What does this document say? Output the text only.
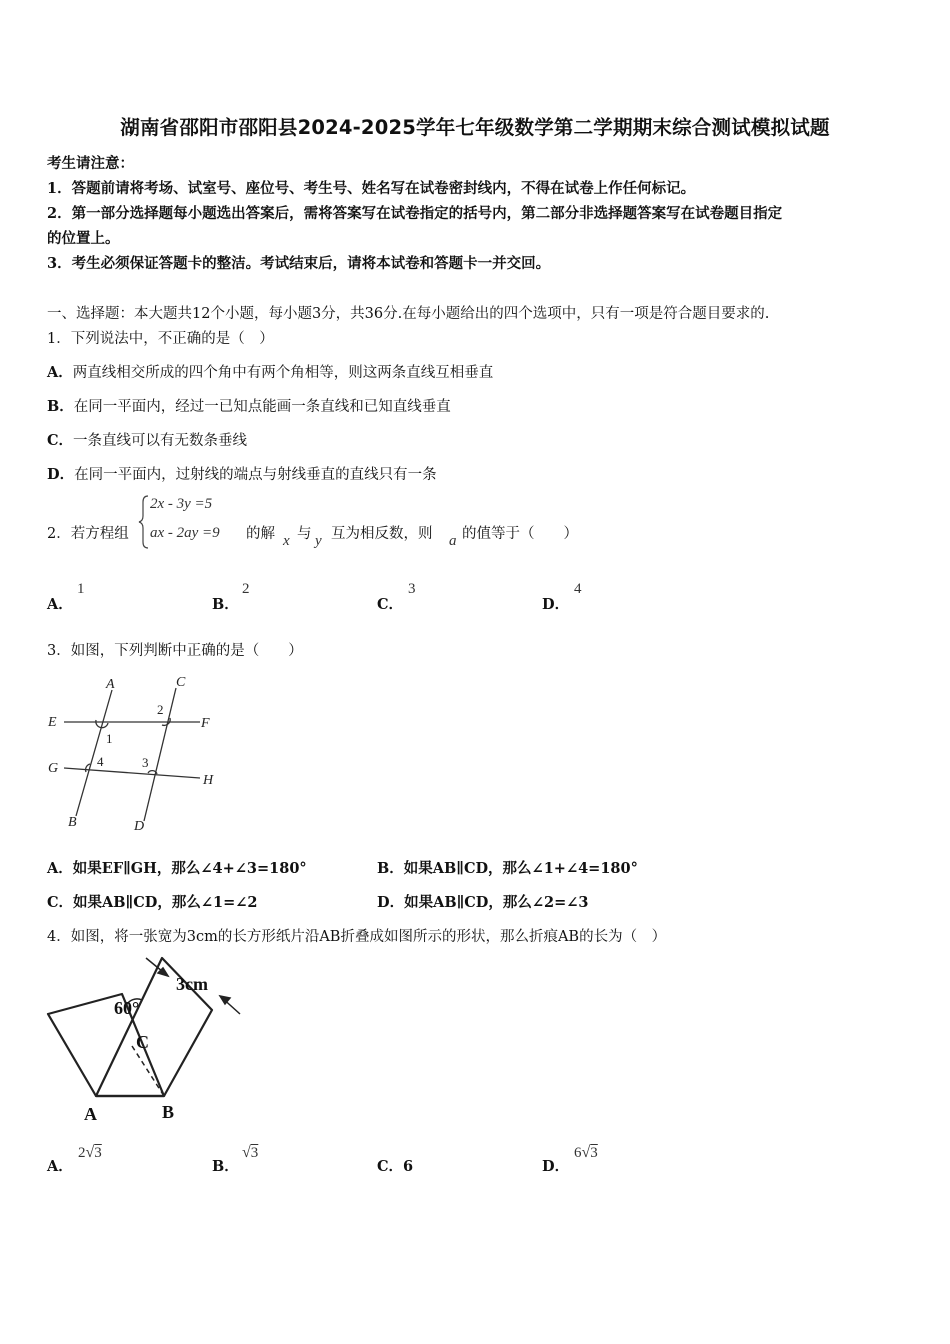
湖南省邵阳市邵阳县2024-2025学年七年级数学第二学期期末综合测试模拟试题
考生请注意：
1．答题前请将考场、试室号、座位号、考生号、姓名写在试卷密封线内，不得在试卷上作任何标记。
2．第一部分选择题每小题选出答案后，需将答案写在试卷指定的括号内，第二部分非选择题答案写在试卷题目指定
的位置上。
3．考生必须保证答题卡的整洁。考试结束后，请将本试卷和答题卡一并交回。
一、选择题：本大题共12个小题，每小题3分，共36分.在每小题给出的四个选项中，只有一项是符合题目要求的.
1．下列说法中，不正确的是（　）
A．两直线相交所成的四个角中有两个角相等，则这两条直线互相垂直
B．在同一平面内，经过一已知点能画一条直线和已知直线垂直
C．一条直线可以有无数条垂线
D．在同一平面内，过射线的端点与射线垂直的直线只有一条
2．若方程组
2x - 3y =5
ax - 2ay =9 的解 x 与 y 互为相反数，则 a 的值等于（　　）
A．
1
B．
2
C．
3
D．
4
3．如图，下列判断中正确的是（　　）
A	C
E	F
G
H
B	D
1
2
3
4
A．如果EF∥GH，那么∠4+∠3=180°	B．如果AB∥CD，那么∠1+∠4=180°
C．如果AB∥CD，那么∠1=∠2	D．如果AB∥CD，那么∠2=∠3
4．如图，将一张宽为3cm的长方形纸片沿AB折叠成如图所示的形状，那么折痕AB的长为（　）
3cm
60°
C
A	B
A．
2√3
B．
√3
C．6	D．
6√3
